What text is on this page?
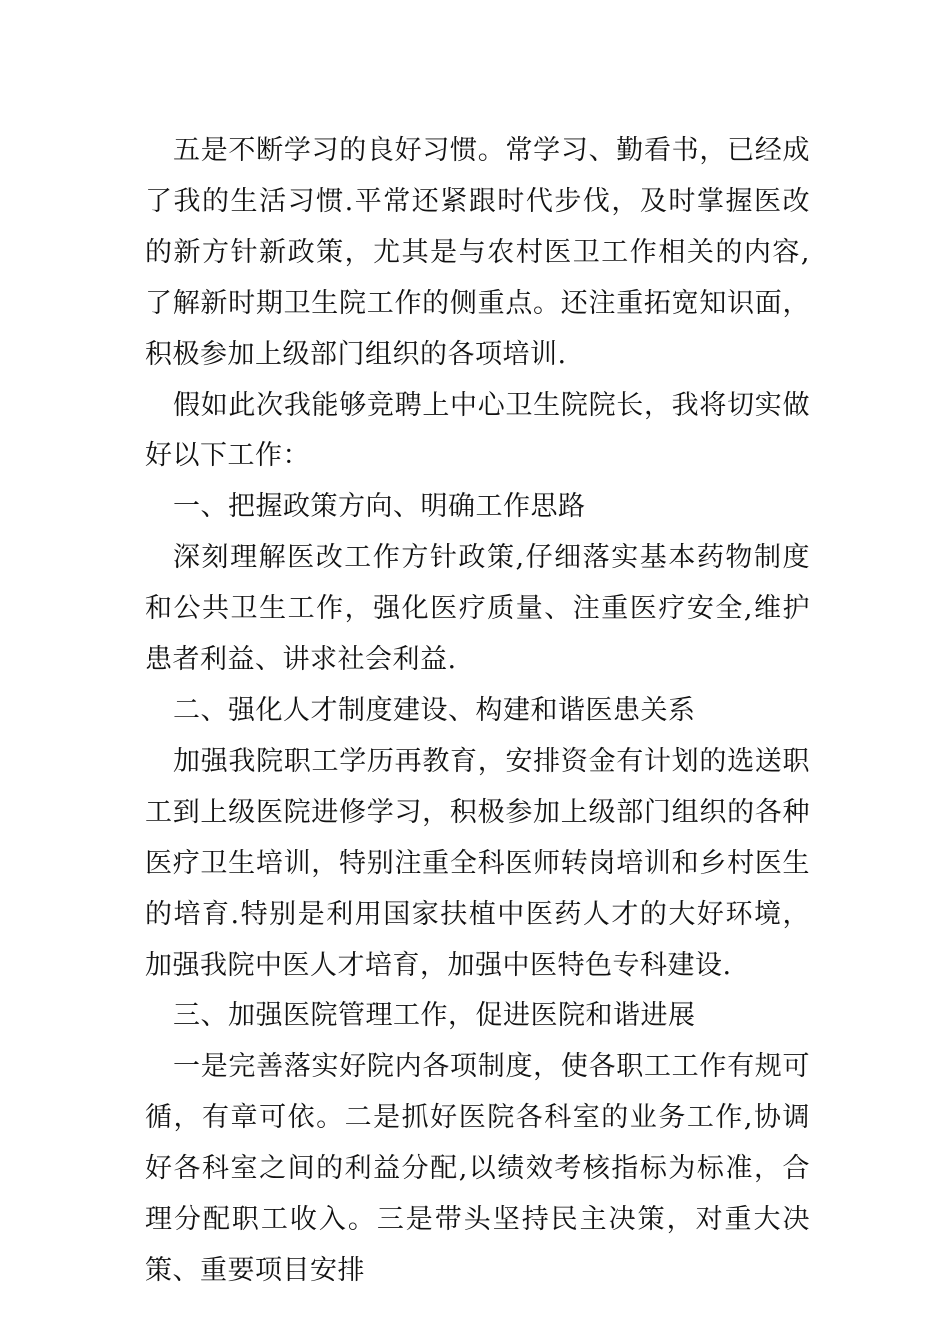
五是不断学习的良好习惯。常学习、勤看书，已经成了我的生活习惯.平常还紧跟时代步伐，及时掌握医改的新方针新政策，尤其是与农村医卫工作相关的内容,了解新时期卫生院工作的侧重点。还注重拓宽知识面，积极参加上级部门组织的各项培训.

假如此次我能够竞聘上中心卫生院院长，我将切实做好以下工作：

一、把握政策方向、明确工作思路

深刻理解医改工作方针政策,仔细落实基本药物制度和公共卫生工作，强化医疗质量、注重医疗安全,维护患者利益、讲求社会利益.

二、强化人才制度建设、构建和谐医患关系

加强我院职工学历再教育，安排资金有计划的选送职工到上级医院进修学习，积极参加上级部门组织的各种医疗卫生培训，特别注重全科医师转岗培训和乡村医生的培育.特别是利用国家扶植中医药人才的大好环境，加强我院中医人才培育，加强中医特色专科建设.

三、加强医院管理工作，促进医院和谐进展

一是完善落实好院内各项制度，使各职工工作有规可循，有章可依。二是抓好医院各科室的业务工作,协调好各科室之间的利益分配,以绩效考核指标为标准，合理分配职工收入。三是带头坚持民主决策，对重大决策、重要项目安排
